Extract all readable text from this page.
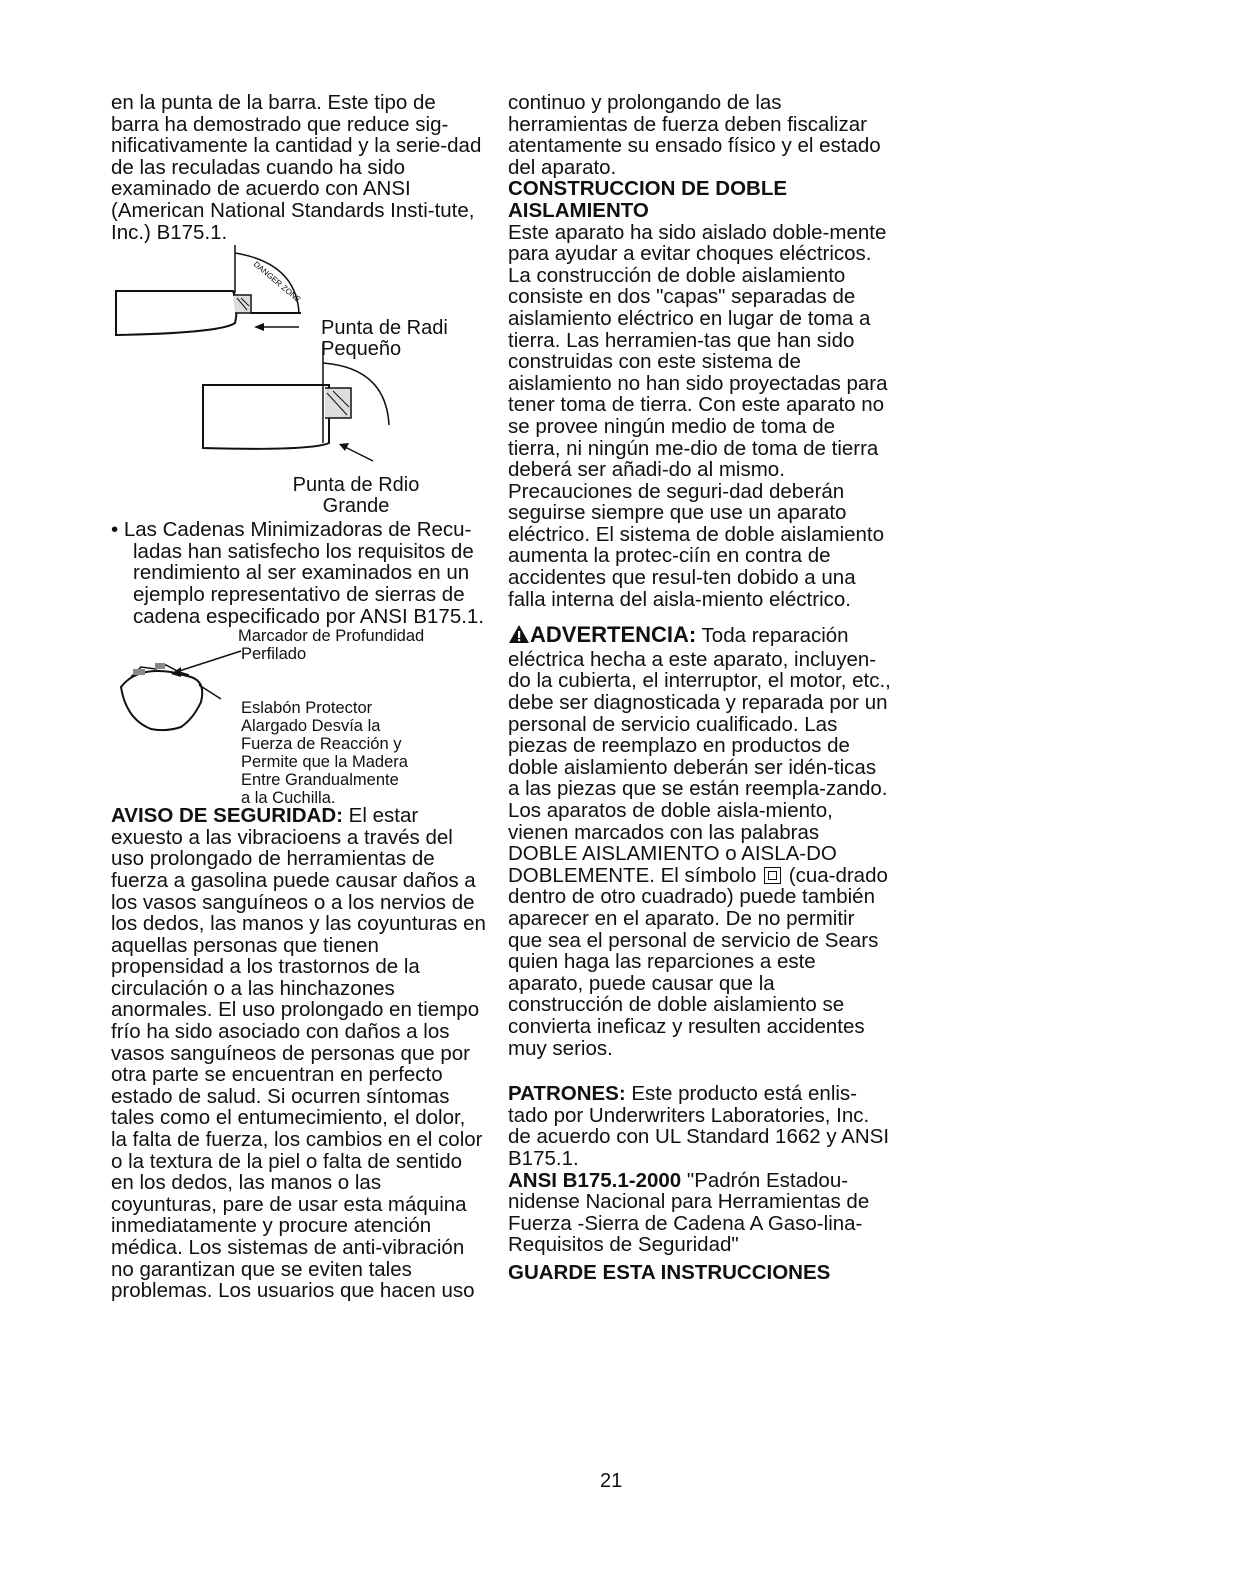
en la punta de la barra. Este tipo de barra ha demostrado que reduce sig-nificativamente la cantidad y la serie-dad de las reculadas cuando ha sido examinado de acuerdo con ANSI (American National Standards Insti-tute, Inc.) B175.1.

DANGER ZONE
Punta de Radi
Pequeño
Punta de Rdio
Grande

• Las Cadenas Minimizadoras de Recu-ladas han satisfecho los requisitos de rendimiento al ser examinados en un ejemplo representativo de sierras de cadena especificado por ANSI B175.1.

Marcador de Profundidad
Perfilado
Eslabón Protector
Alargado Desvía la
Fuerza de Reacción y
Permite que la Madera
Entre Grandualmente
a la Cuchilla.

AVISO DE SEGURIDAD: El estar exuesto a las vibracioens a través del uso prolongado de herramientas de fuerza a gasolina puede causar daños a los vasos sanguíneos o a los nervios de los dedos, las manos y las coyunturas en aquellas personas que tienen propensidad a los trastornos de la circulación o a las hinchazones anormales. El uso prolongado en tiempo frío ha sido asociado con daños a los vasos sanguíneos de personas que por otra parte se encuentran en perfecto estado de salud. Si ocurren síntomas tales como el entumecimiento, el dolor, la falta de fuerza, los cambios en el color o la textura de la piel o falta de sentido en los dedos, las manos o las coyunturas, pare de usar esta máquina inmediatamente y procure atención médica. Los sistemas de anti-vibración no garantizan que se eviten tales problemas. Los usuarios que hacen uso

continuo y prolongando de las herramientas de fuerza deben fiscalizar atentamente su ensado físico y el estado del aparato.

CONSTRUCCION DE DOBLE AISLAMIENTO

Este aparato ha sido aislado doble-mente para ayudar a evitar choques eléctricos. La construcción de doble aislamiento consiste en dos "capas" separadas de aislamiento eléctrico en lugar de toma a tierra. Las herramien-tas que han sido construidas con este sistema de aislamiento no han sido proyectadas para tener toma de tierra. Con este aparato no se provee ningún medio de toma de tierra, ni ningún me-dio de toma de tierra deberá ser añadi-do al mismo. Precauciones de seguri-dad deberán seguirse siempre que use un aparato eléctrico. El sistema de doble aislamiento aumenta la protec-ciín en contra de accidentes que resul-ten dobido a una falla interna del aisla-miento eléctrico.

ADVERTENCIA: Toda reparación eléctrica hecha a este aparato, incluyen-do la cubierta, el interruptor, el motor, etc., debe ser diagnosticada y reparada por un personal de servicio cualificado. Las piezas de reemplazo en productos de doble aislamiento deberán ser idén-ticas a las piezas que se están reempla-zando. Los aparatos de doble aisla-miento, vienen marcados con las palabras DOBLE AISLAMIENTO o AISLA-DO DOBLEMENTE. El símbolo  (cua-drado dentro de otro cuadrado) puede también aparecer en el aparato. De no permitir que sea el personal de servicio de Sears quien haga las reparciones a este aparato, puede causar que la construcción de doble aislamiento se convierta ineficaz y resulten accidentes muy serios.

PATRONES: Este producto está enlis-tado por Underwriters Laboratories, Inc. de acuerdo con UL Standard 1662 y ANSI B175.1.

ANSI B175.1-2000 "Padrón Estadou-nidense Nacional para Herramientas de Fuerza -Sierra de Cadena A Gaso-lina-Requisitos de Seguridad"

GUARDE ESTA INSTRUCCIONES

21
